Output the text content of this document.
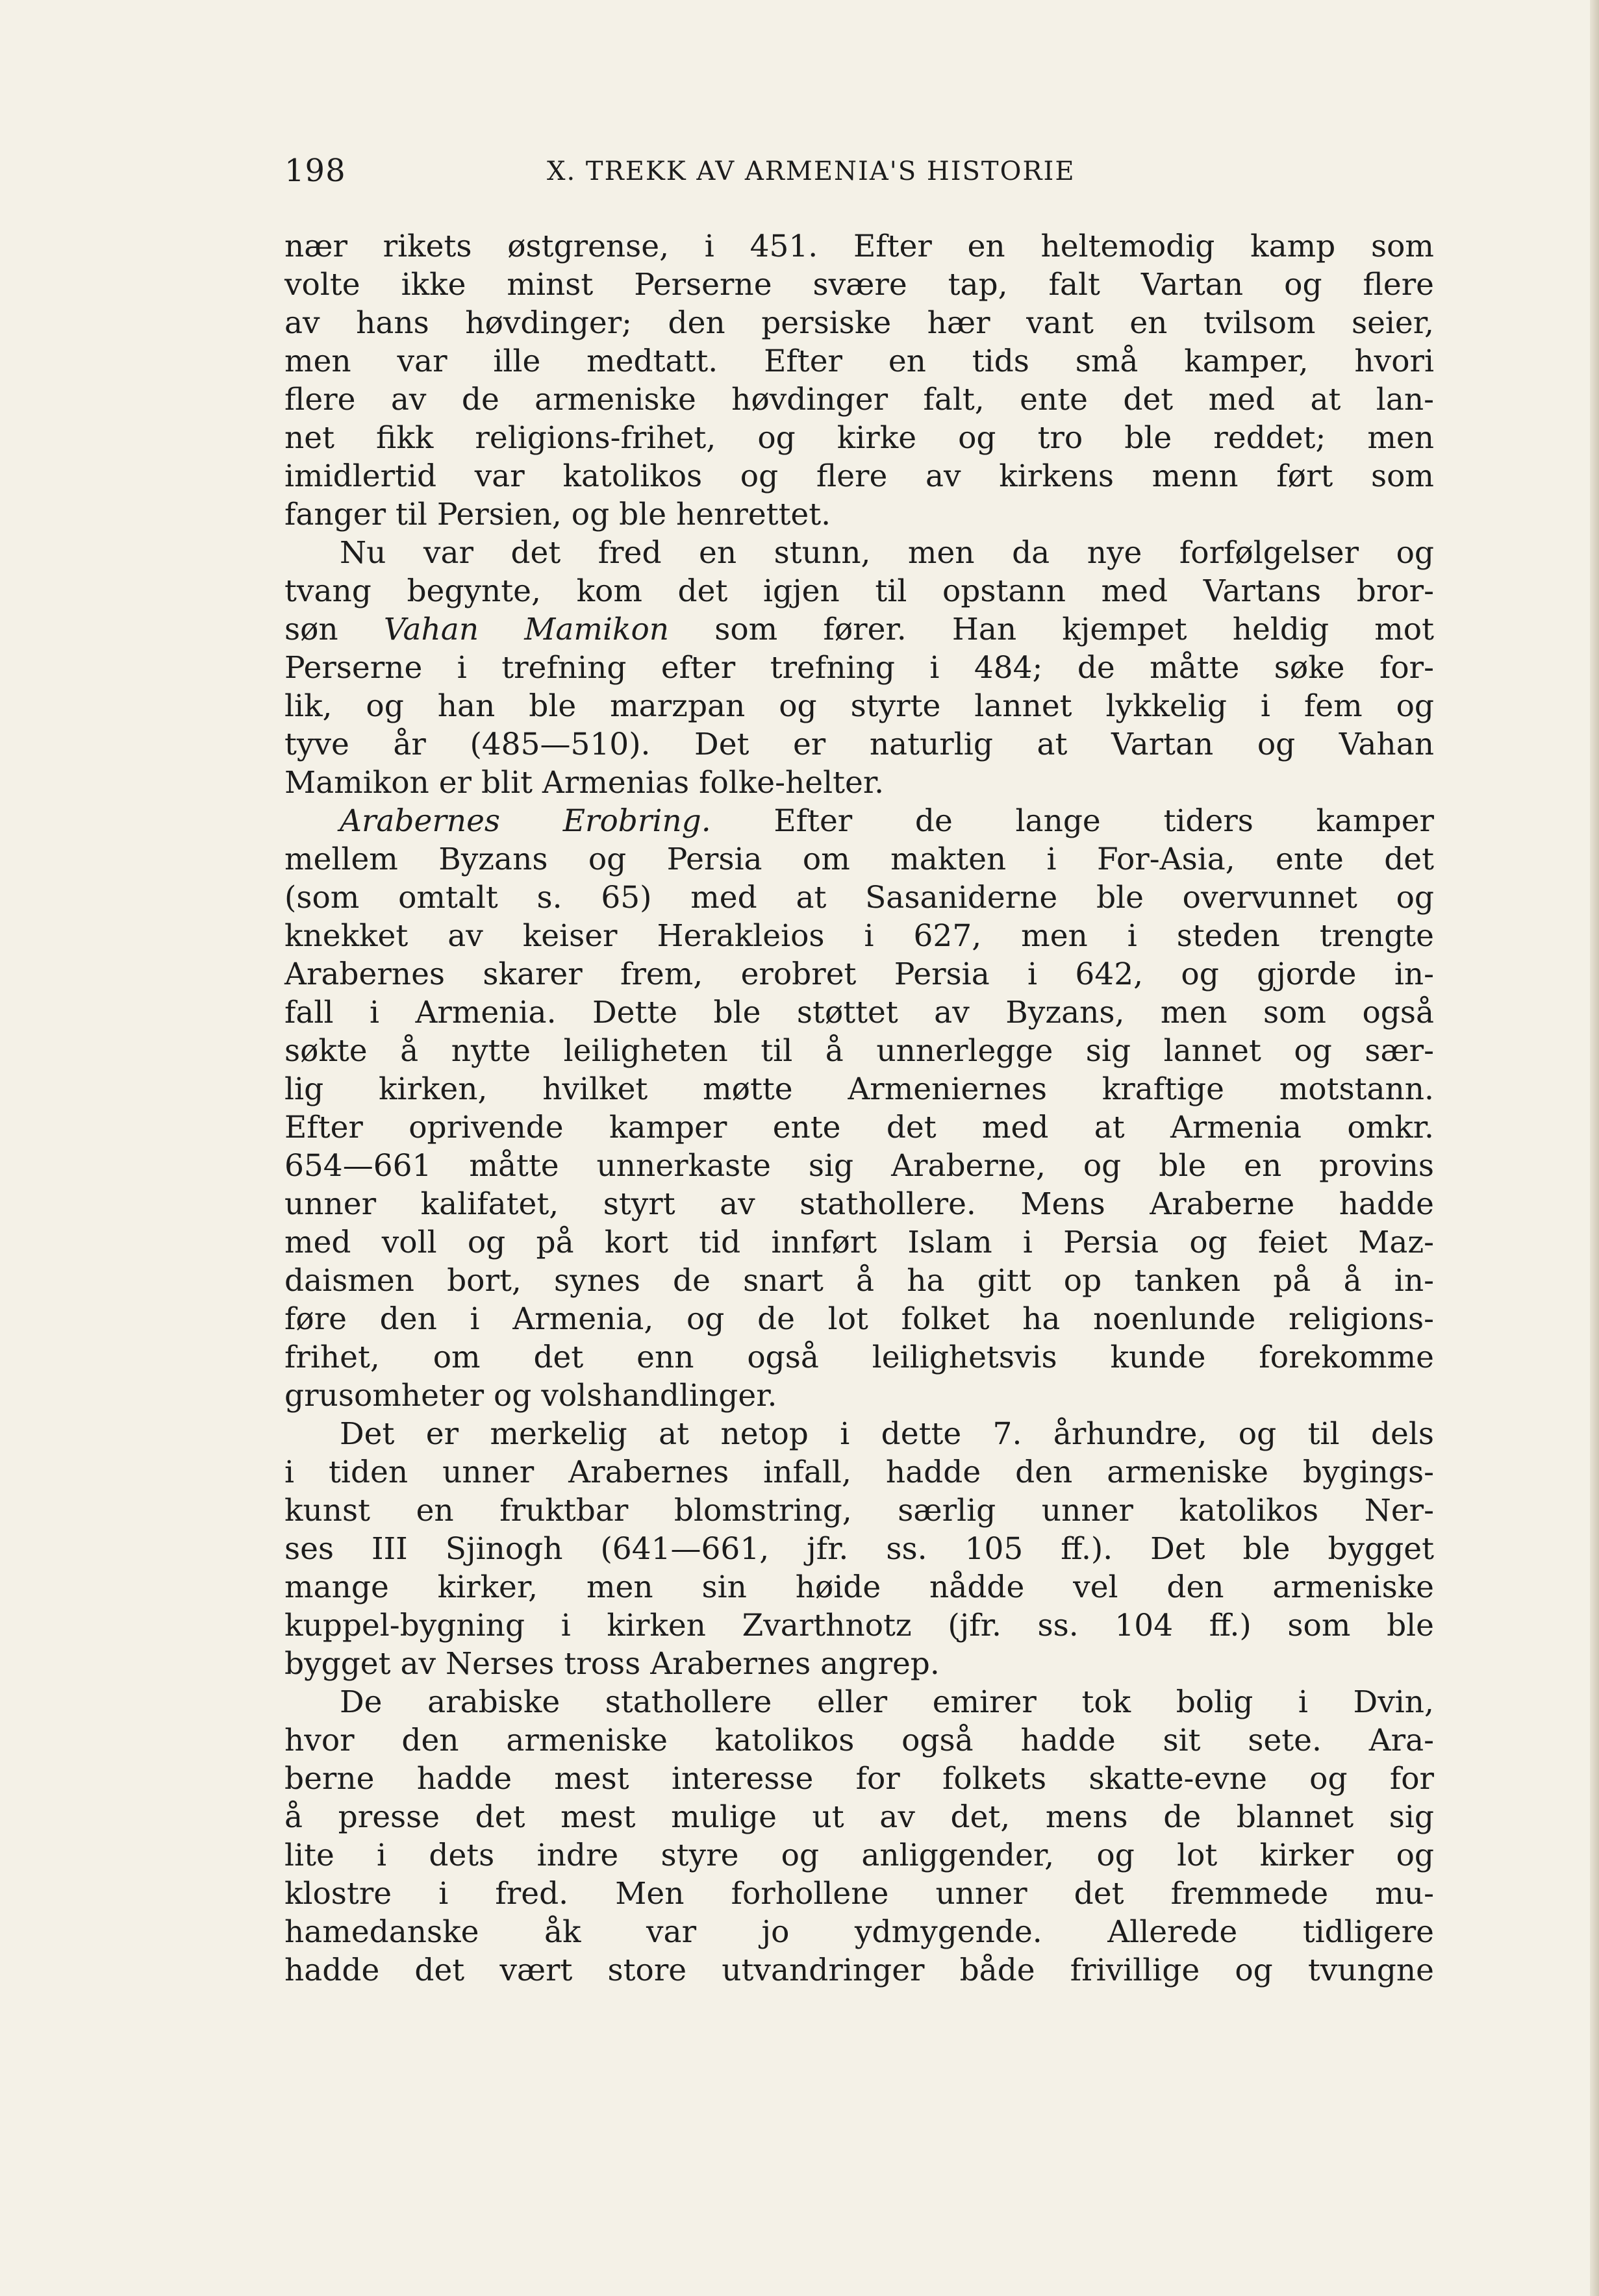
198	X. TREKK AV ARMENIA'S HISTORIE
nær rikets østgrense, i 451. Efter en heltemodig kamp som
volte ikke minst Perserne svære tap, falt Vartan og flere
av hans høvdinger; den persiske hær vant en tvilsom seier,
men var ille medtatt. Efter en tids små kamper, hvori
flere av de armeniske høvdinger falt, ente det med at lan-
net fikk religions-frihet, og kirke og tro ble reddet; men
imidlertid var katolikos og flere av kirkens menn ført som
fanger til Persien, og ble henrettet.
Nu var det fred en stunn, men da nye forfølgelser og
tvang begynte, kom det igjen til opstann med Vartans bror-
søn Vahan Mamikon som fører. Han kjempet heldig mot
Perserne i trefning efter trefning i 484; de måtte søke for-
lik, og han ble marzpan og styrte lannet lykkelig i fem og
tyve år (485—510). Det er naturlig at Vartan og Vahan
Mamikon er blit Armenias folke-helter.
Arabernes Erobring. Efter de lange tiders kamper
mellem Byzans og Persia om makten i For-Asia, ente det
(som omtalt s. 65) med at Sasaniderne ble overvunnet og
knekket av keiser Herakleios i 627, men i steden trengte
Arabernes skarer frem, erobret Persia i 642, og gjorde in-
fall i Armenia. Dette ble støttet av Byzans, men som også
søkte å nytte leiligheten til å unnerlegge sig lannet og sær-
lig kirken, hvilket møtte Armeniernes kraftige motstann.
Efter oprivende kamper ente det med at Armenia omkr.
654—661 måtte unnerkaste sig Araberne, og ble en provins
unner kalifatet, styrt av stathollere. Mens Araberne hadde
med voll og på kort tid innført Islam i Persia og feiet Maz-
daismen bort, synes de snart å ha gitt op tanken på å in-
føre den i Armenia, og de lot folket ha noenlunde religions-
frihet, om det enn også leilighetsvis kunde forekomme
grusomheter og volshandlinger.
Det er merkelig at netop i dette 7. århundre, og til dels
i tiden unner Arabernes infall, hadde den armeniske bygings-
kunst en fruktbar blomstring, særlig unner katolikos Ner-
ses III Sjinogh (641—661, jfr. ss. 105 ff.). Det ble bygget
mange kirker, men sin høide nådde vel den armeniske
kuppel-bygning i kirken Zvarthnotz (jfr. ss. 104 ff.) som ble
bygget av Nerses tross Arabernes angrep.
De arabiske stathollere eller emirer tok bolig i Dvin,
hvor den armeniske katolikos også hadde sit sete. Ara-
berne hadde mest interesse for folkets skatte-evne og for
å presse det mest mulige ut av det, mens de blannet sig
lite i dets indre styre og anliggender, og lot kirker og
klostre i fred. Men forhollene unner det fremmede mu-
hamedanske åk var jo ydmygende. Allerede tidligere
hadde det vært store utvandringer både frivillige og tvungne
